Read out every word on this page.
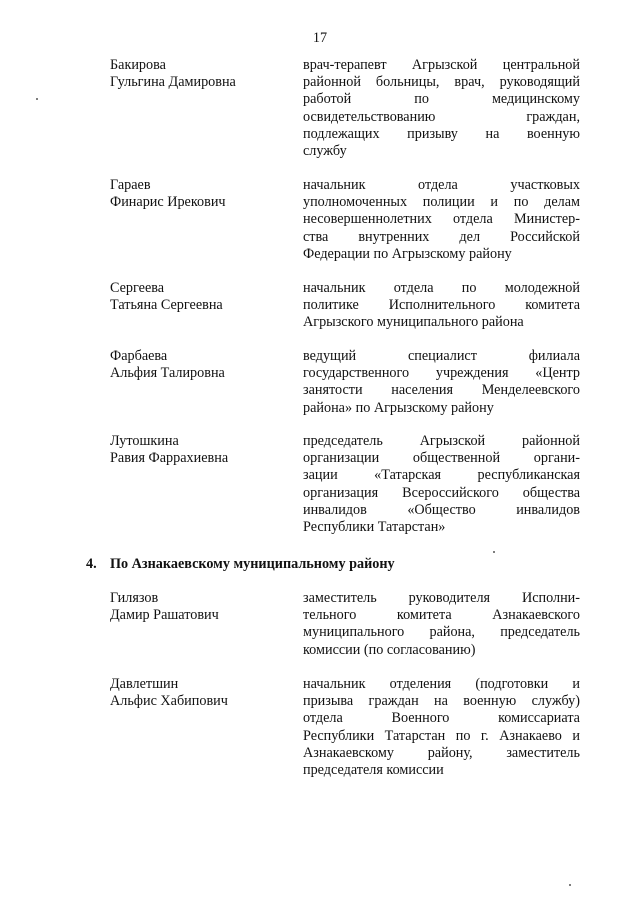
17
Бакирова
Гульгина Дамировна
врач-терапевт Агрызской центральной
районной больницы, врач, руководящий
работой по медицинскому
освидетельствованию граждан,
подлежащих призыву на военную
службу
Гараев
Финарис Ирекович
начальник отдела участковых
уполномоченных полиции и по делам
несовершеннолетних отдела Министер-
ства внутренних дел Российской
Федерации по Агрызскому району
Сергеева
Татьяна Сергеевна
начальник отдела по молодежной
политике Исполнительного комитета
Агрызского муниципального района
Фарбаева
Альфия Талировна
ведущий специалист филиала
государственного учреждения «Центр
занятости населения Менделеевского
района» по Агрызскому району
Лутошкина
Равия Фаррахиевна
председатель Агрызской районной
организации общественной органи-
зации «Татарская республиканская
организация Всероссийского общества
инвалидов «Общество инвалидов
Республики Татарстан»
4. По Азнакаевскому муниципальному району
Гилязов
Дамир Рашатович
заместитель руководителя Исполни-
тельного комитета Азнакаевского
муниципального района, председатель
комиссии (по согласованию)
Давлетшин
Альфис Хабипович
начальник отделения (подготовки и
призыва граждан на военную службу)
отдела Военного комиссариата
Республики Татарстан по г. Азнакаево и
Азнакаевскому району, заместитель
председателя комиссии
